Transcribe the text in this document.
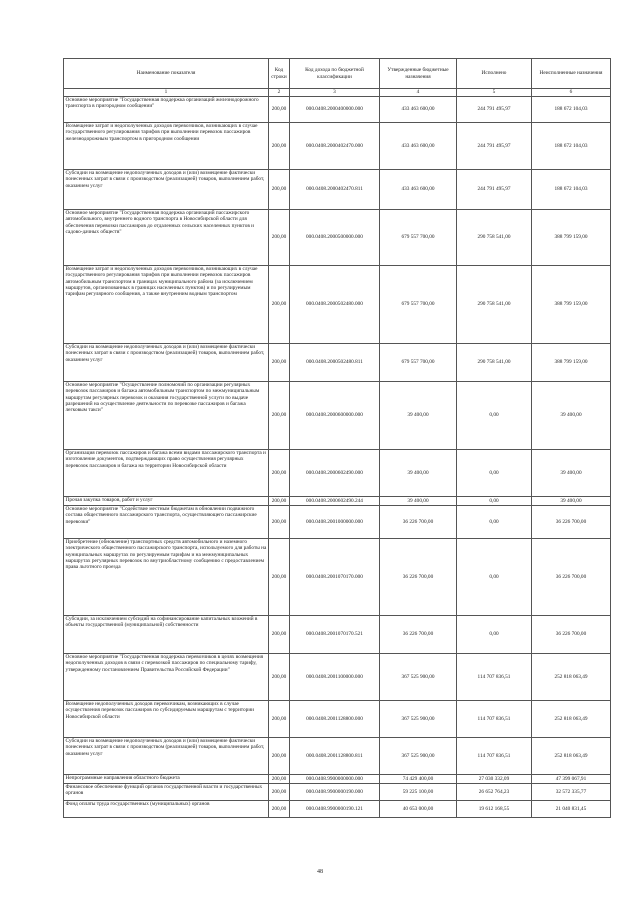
Наименование показателя	Код строки	Код дохода по бюджетной классификации	Утвержденные бюджетные назначения	Исполнено	Неисполненные назначения
1	2	3	4	5	6
Основное мероприятие "Государственная поддержка организаций железнодорожного транспорта в пригородном сообщении"	200,00	000.0408.2000400000.000	433 463 600,00	244 791 495,97	188 672 104,03
Возмещение затрат и недополученных доходов перевозчиков, возникающих в случае государственного регулирования тарифов при выполнении перевозок пассажиров железнодорожным транспортом в пригородном сообщении	200,00	000.0408.2000402470.000	433 463 600,00	244 791 495,97	188 672 104,03
Субсидии на возмещение недополученных доходов и (или) возмещение фактически понесенных затрат в связи с производством (реализацией) товаров, выполнением работ, оказанием услуг	200,00	000.0408.2000402470.811	433 463 600,00	244 791 495,97	188 672 104,03
Основное мероприятие "Государственная поддержка организаций пассажирского автомобильного, внутреннего водного транспорта в Новосибирской области для обеспечения перевозки пассажиров до отдаленных сельских населенных пунктов и садово-дачных обществ"	200,00	000.0408.2000500000.000	679 557 700,00	290 758 541,00	388 799 159,00
Возмещение затрат и недополученных доходов перевозчиков, возникающих в случае государственного регулирования тарифов при выполнении перевозок пассажиров автомобильным транспортом в границах муниципального района (за исключением маршрутов, организованных в границах населенных пунктов) и по регулируемым тарифам регулярного сообщения, а также внутренним водным транспортом	200,00	000.0408.2000502480.000	679 557 700,00	290 758 541,00	388 799 159,00
Субсидии на возмещение недополученных доходов и (или) возмещение фактически понесенных затрат в связи с производством (реализацией) товаров, выполнением работ, оказанием услуг	200,00	000.0408.2000502480.811	679 557 700,00	290 758 541,00	388 799 159,00
Основное мероприятие "Осуществление полномочий по организации регулярных перевозок пассажиров и багажа автомобильным транспортом по межмуниципальным маршрутам регулярных перевозок и оказания государственной услуги по выдаче разрешений на осуществление деятельности по перевозке пассажиров и багажа легковым такси"	200,00	000.0408.2000600000.000	39 400,00	0,00	39 400,00
Организация перевозок пассажиров и багажа всеми видами пассажирского транспорта и изготовление документов, подтверждающих право осуществления регулярных перевозок пассажиров и багажа на территории Новосибирской области	200,00	000.0408.2000602490.000	39 400,00	0,00	39 400,00
Прочая закупка товаров, работ и услуг	200,00	000.0408.2000602490.244	39 400,00	0,00	39 400,00
Основное мероприятие "Содействие местным бюджетам в обновлении подвижного состава общественного пассажирского транспорта, осуществляющего пассажирские перевозки"	200,00	000.0408.2001000000.000	36 226 700,00	0,00	36 226 700,00
Приобретение (обновление) транспортных средств автомобильного и наземного электрического общественного пассажирского транспорта, используемого для работы на муниципальных маршрутах по регулируемым тарифам и на межмуниципальных маршрутах регулярных перевозок по внутриобластному сообщению с предоставлением права льготного проезда	200,00	000.0408.2001070170.000	36 226 700,00	0,00	36 226 700,00
Субсидии, за исключением субсидий на софинансирование капитальных вложений в объекты государственной (муниципальной) собственности	200,00	000.0408.2001070170.521	36 226 700,00	0,00	36 226 700,00
Основное мероприятие "Государственная поддержка перевозчиков в целях возмещения недополученных доходов в связи с перевозкой пассажиров по специальному тарифу, утвержденному постановлением Правительства Российской Федерации"	200,00	000.0408.2001100000.000	367 525 900,00	114 707 836,51	252 818 063,49
Возмещение недополученных доходов перевозчикам, возникающих в случае осуществления перевозок пассажиров по субсидируемым маршрутам с территории Новосибирской области	200,00	000.0408.2001128800.000	367 525 900,00	114 707 836,51	252 818 063,49
Субсидии на возмещение недополученных доходов и (или) возмещение фактически понесенных затрат в связи с производством (реализацией) товаров, выполнением работ, оказанием услуг	200,00	000.0408.2001128800.811	367 525 900,00	114 707 836,51	252 818 063,49
Непрограммные направления областного бюджета	200,00	000.0408.9900000000.000	74 429 400,00	27 030 332,09	47 399 067,91
Финансовое обеспечение функций органов государственной власти и государственных органов	200,00	000.0408.9900000190.000	59 225 100,00	26 652 764,23	32 572 335,77
Фонд оплаты труда государственных (муниципальных) органов	200,00	000.0408.9900000190.121	40 653 000,00	19 612 168,55	21 040 831,45
48
